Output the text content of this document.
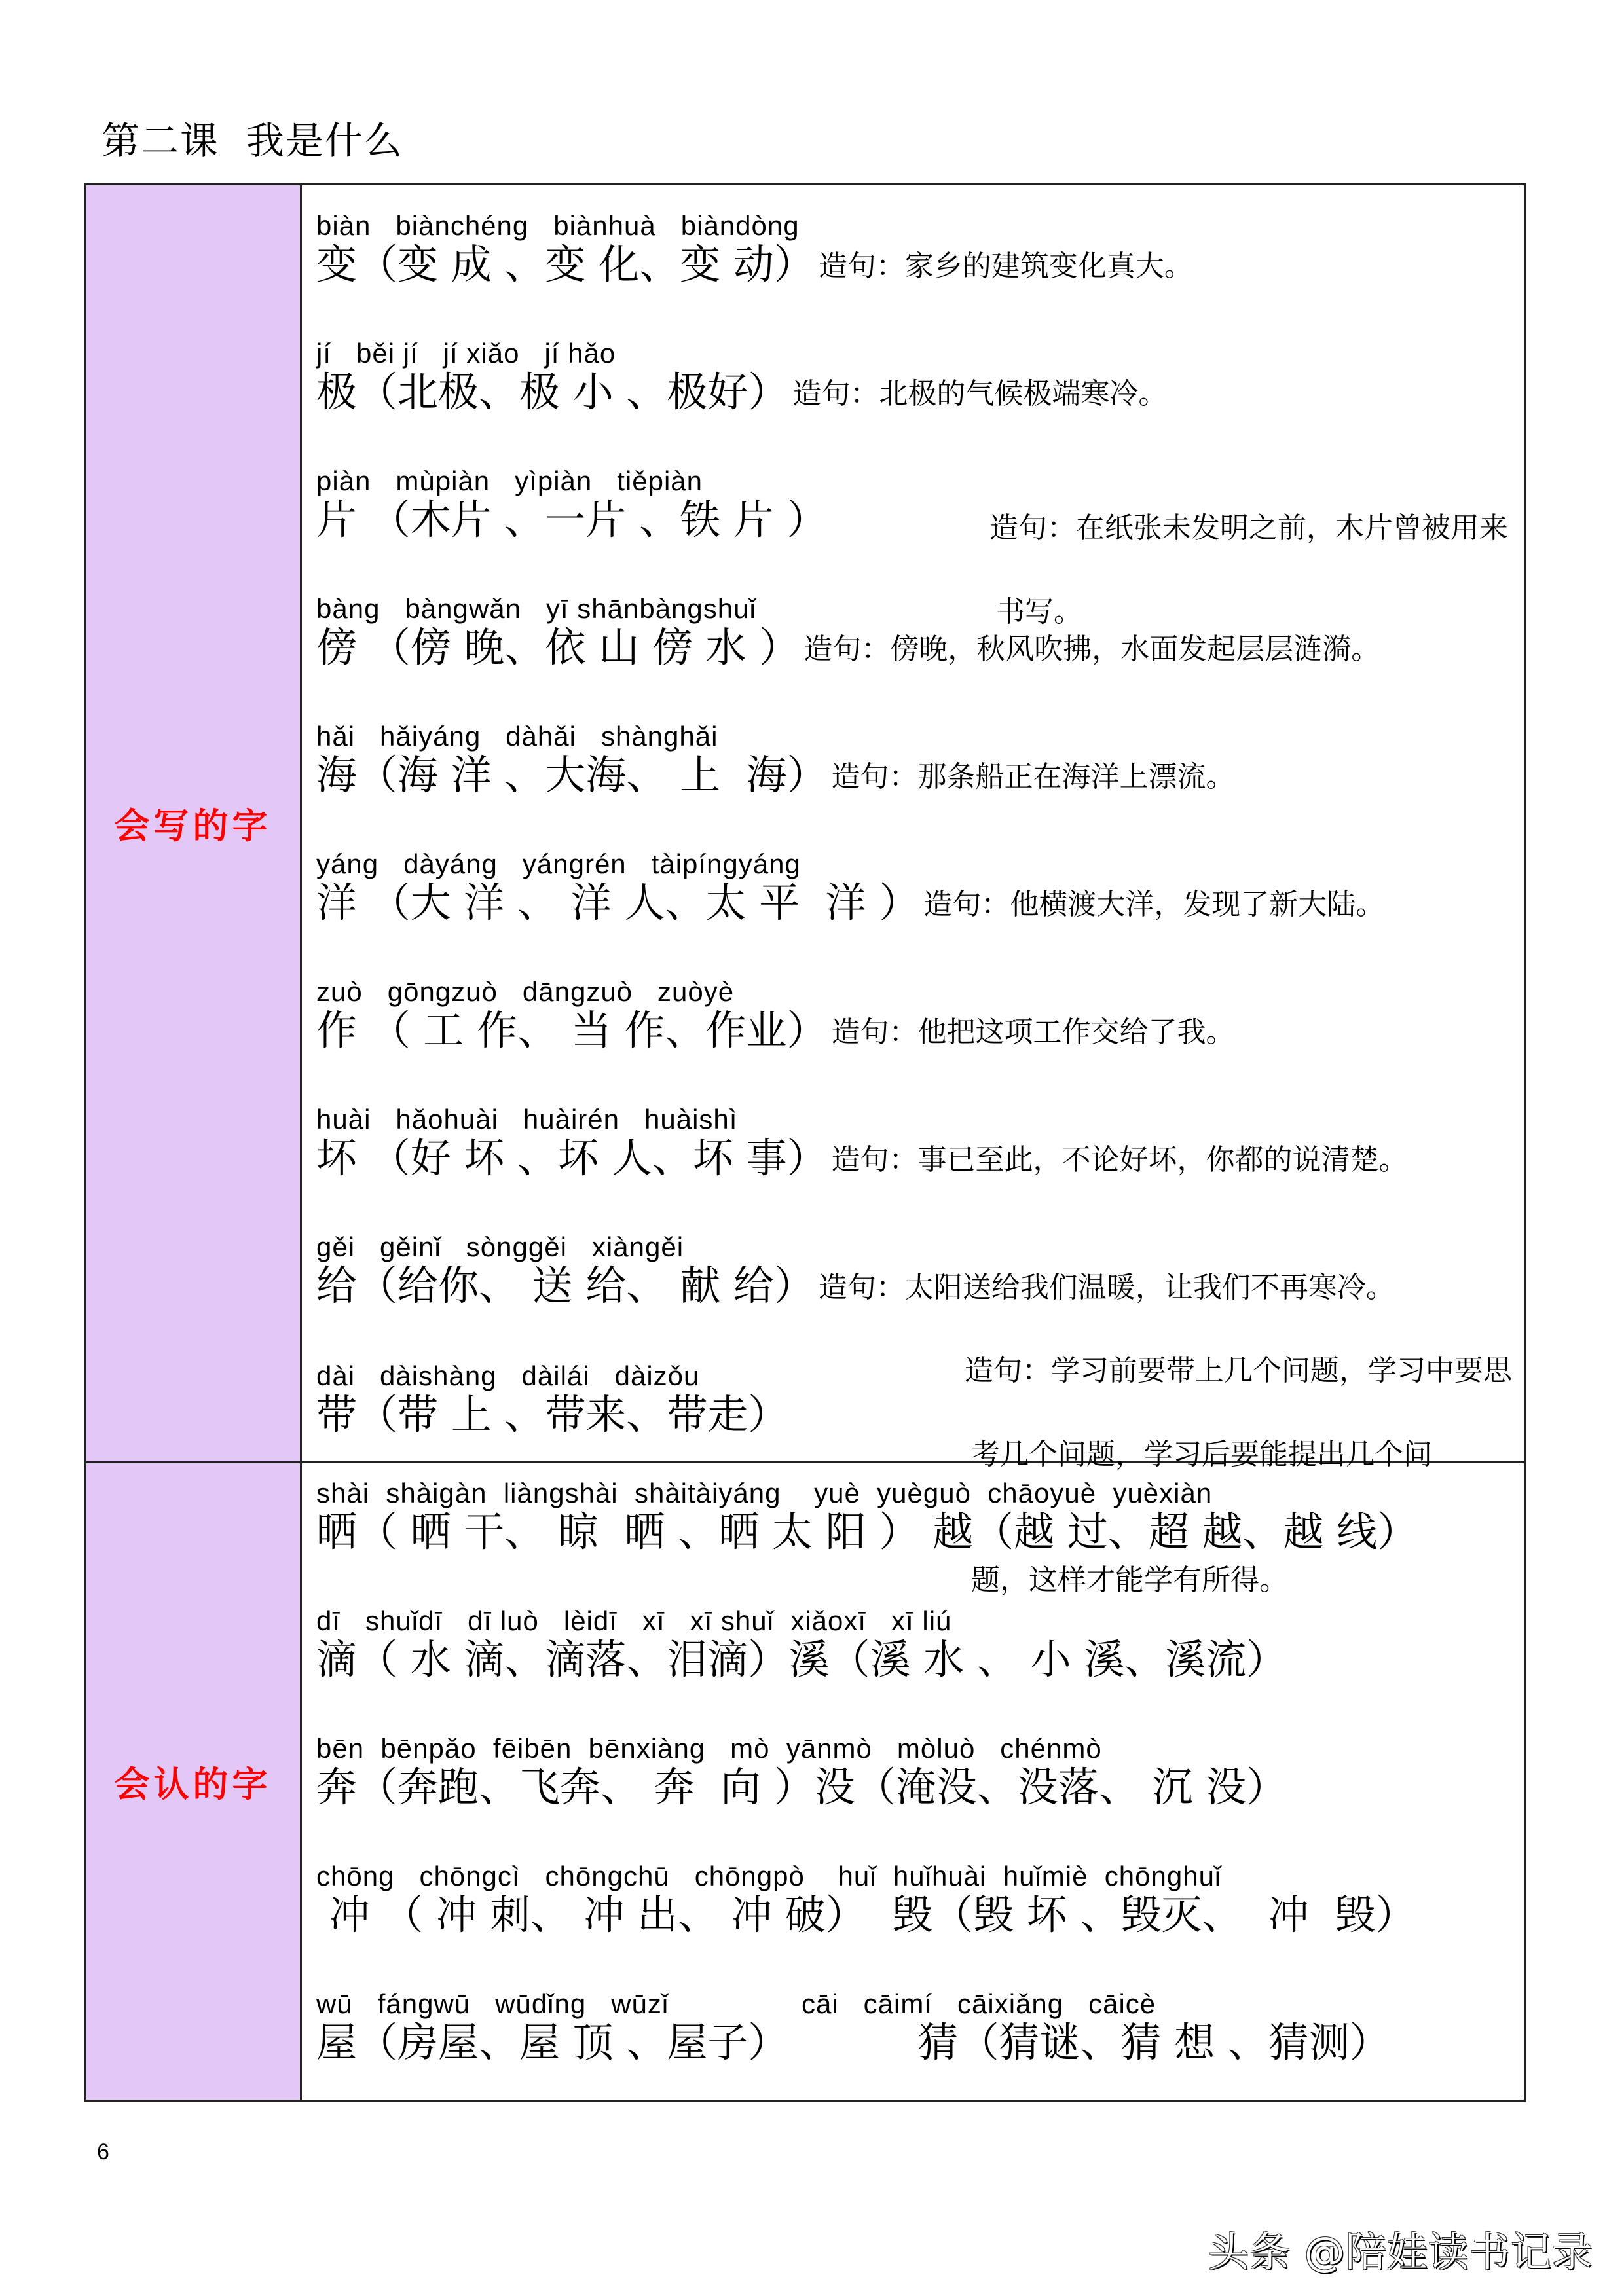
第二课  我是什么
会写的字
biàn   biànchéng   biànhuà   biàndòng
变（变 成 、变 化、变 动） 造句：家乡的建筑变化真大。
jí   běi jí   jí xiǎo   jí hǎo
极（北极、极 小 、极好） 造句：北极的气候极端寒冷。
piàn   mùpiàn   yìpiàn   tiěpiàn
片 （木片 、一片 、铁 片 ）	造句：在纸张未发明之前，木片曾被用来

书写。

bàng   bàngwǎn   yī shānbàngshuǐ
傍 （傍 晚、依 山 傍 水 ） 造句：傍晚，秋风吹拂，水面发起层层涟漪。
hǎi   hǎiyáng   dàhǎi   shànghǎi
海（海 洋 、大海、 上  海） 造句：那条船正在海洋上漂流。
yáng   dàyáng   yángrén   tàipíngyáng
洋 （大 洋 、 洋 人、太 平  洋 ） 造句：他横渡大洋，发现了新大陆。
zuò   gōngzuò   dāngzuò   zuòyè
作 （ 工 作、 当 作、作业） 造句：他把这项工作交给了我。
huài   hǎohuài   huàirén   huàishì
坏 （好 坏 、坏 人、坏 事） 造句：事已至此，不论好坏，你都的说清楚。
gěi   gěinǐ   sònggěi   xiàngěi
给（给你、 送 给、 献 给） 造句：太阳送给我们温暖，让我们不再寒冷。
dài   dàishàng   dàilái   dàizǒu
带（带 上 、带来、带走）

造句：学习前要带上几个问题，学习中要思

考几个问题，学习后要能提出几个问

题，这样才能学有所得。

会认的字
shài  shàigàn  liàngshài  shàitàiyáng    yuè  yuèguò  chāoyuè  yuèxiàn
晒（ 晒 干、 晾  晒 、晒 太 阳 ） 越（越 过、超 越、越 线）
dī   shuǐdī   dī luò   lèidī   xī   xī shuǐ  xiǎoxī   xī liú
滴（ 水 滴、滴落、泪滴）溪（溪 水 、 小 溪、溪流）
bēn  bēnpǎo  fēibēn  bēnxiàng   mò  yānmò   mòluò   chénmò
奔（奔跑、飞奔、 奔  向 ）没（淹没、没落、 沉 没）
chōng   chōngcì   chōngchū   chōngpò    huǐ  huǐhuài  huǐmiè  chōnghuǐ
冲 （ 冲 刺、 冲 出、 冲 破）  毁（毁 坏 、毁灭、  冲  毁）
wū   fángwū   wūdǐng   wūzǐ                cāi   cāimí   cāixiǎng   cāicè
屋（房屋、屋 顶 、屋子）          猜（猜谜、猜 想 、猜测）
6
头条 @陪娃读书记录
